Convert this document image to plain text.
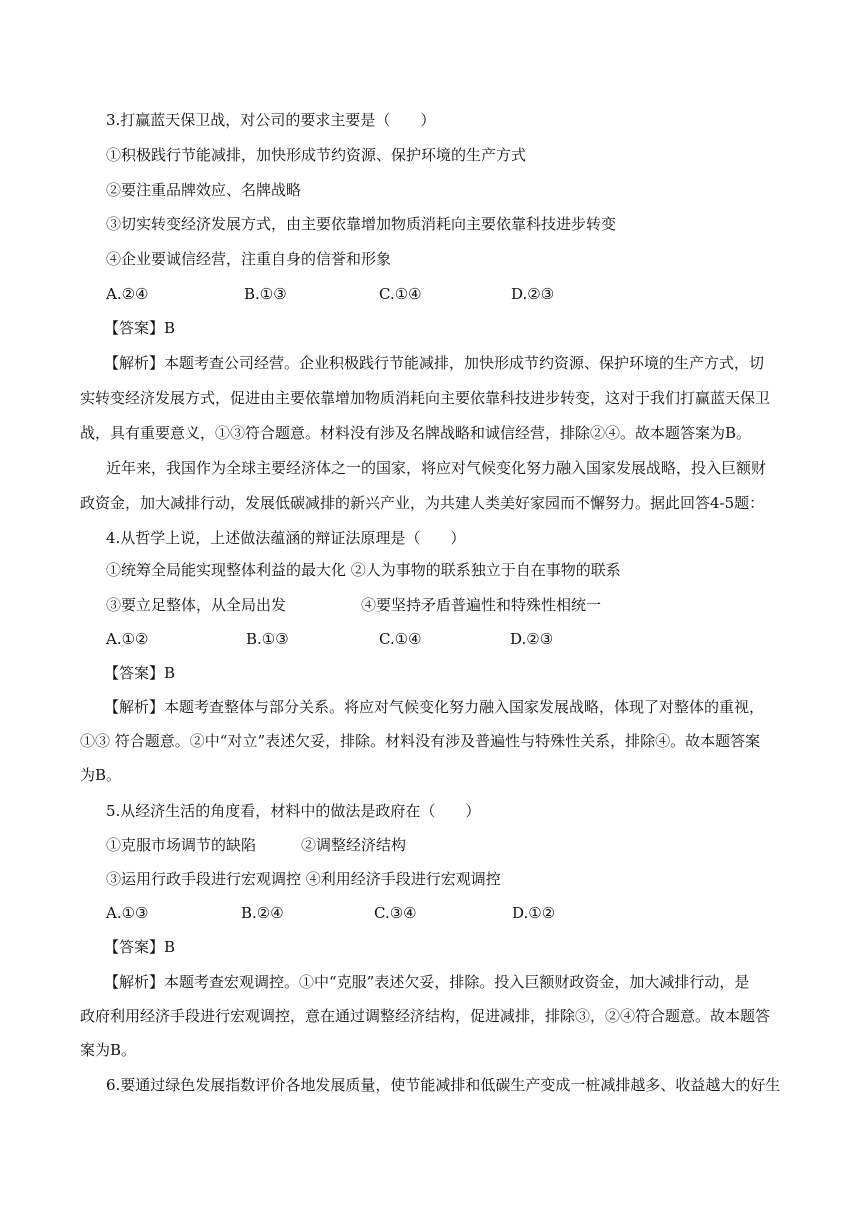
3.打赢蓝天保卫战，对公司的要求主要是（　　）
①积极践行节能减排，加快形成节约资源、保护环境的生产方式
②要注重品牌效应、名牌战略
③切实转变经济发展方式，由主要依靠增加物质消耗向主要依靠科技进步转变
④企业要诚信经营，注重自身的信誉和形象
A.②④	B.①③	C.①④	D.②③
【答案】B
【解析】本题考查公司经营。企业积极践行节能减排，加快形成节约资源、保护环境的生产方式，切
实转变经济发展方式，促进由主要依靠增加物质消耗向主要依靠科技进步转变，这对于我们打赢蓝天保卫
战，具有重要意义，①③符合题意。材料没有涉及名牌战略和诚信经营，排除②④。故本题答案为B。
近年来，我国作为全球主要经济体之一的国家，将应对气候变化努力融入国家发展战略，投入巨额财
政资金，加大减排行动，发展低碳减排的新兴产业，为共建人类美好家园而不懈努力。据此回答4-5题：
4.从哲学上说，上述做法蕴涵的辩证法原理是（　　）
①统筹全局能实现整体利益的最大化 ②人为事物的联系独立于自在事物的联系
③要立足整体，从全局出发　　　　　④要坚持矛盾普遍性和特殊性相统一
A.①②	B.①③	C.①④	D.②③
【答案】B
【解析】本题考查整体与部分关系。将应对气候变化努力融入国家发展战略，体现了对整体的重视，
①③ 符合题意。②中“对立”表述欠妥，排除。材料没有涉及普遍性与特殊性关系，排除④。故本题答案
为B。
5.从经济生活的角度看，材料中的做法是政府在（　　）
①克服市场调节的缺陷　　　②调整经济结构
③运用行政手段进行宏观调控 ④利用经济手段进行宏观调控
A.①③	B.②④	C.③④	D.①②
【答案】B
【解析】本题考查宏观调控。①中“克服”表述欠妥，排除。投入巨额财政资金，加大减排行动，是
政府利用经济手段进行宏观调控，意在通过调整经济结构，促进减排，排除③，②④符合题意。故本题答
案为B。
6.要通过绿色发展指数评价各地发展质量，使节能减排和低碳生产变成一桩减排越多、收益越大的好生
